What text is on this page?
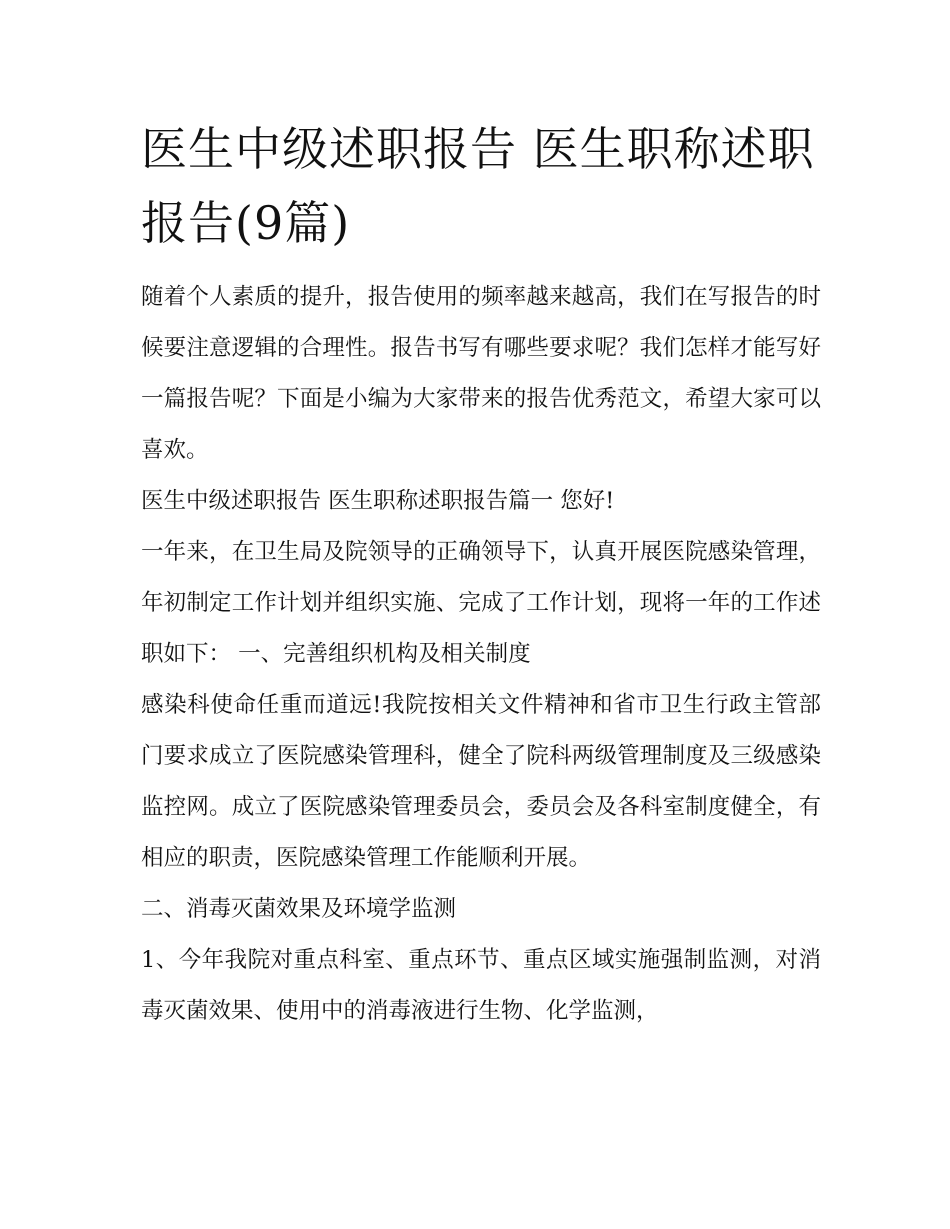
医生中级述职报告 医生职称述职报告(9篇)

随着个人素质的提升，报告使用的频率越来越高，我们在写报告的时候要注意逻辑的合理性。报告书写有哪些要求呢？我们怎样才能写好一篇报告呢？下面是小编为大家带来的报告优秀范文，希望大家可以喜欢。

医生中级述职报告 医生职称述职报告篇一 您好!

一年来，在卫生局及院领导的正确领导下，认真开展医院感染管理，年初制定工作计划并组织实施、完成了工作计划，现将一年的工作述职如下： 一、完善组织机构及相关制度

感染科使命任重而道远!我院按相关文件精神和省市卫生行政主管部门要求成立了医院感染管理科，健全了院科两级管理制度及三级感染监控网。成立了医院感染管理委员会，委员会及各科室制度健全，有相应的职责，医院感染管理工作能顺利开展。

二、消毒灭菌效果及环境学监测

1、今年我院对重点科室、重点环节、重点区域实施强制监测，对消毒灭菌效果、使用中的消毒液进行生物、化学监测，
